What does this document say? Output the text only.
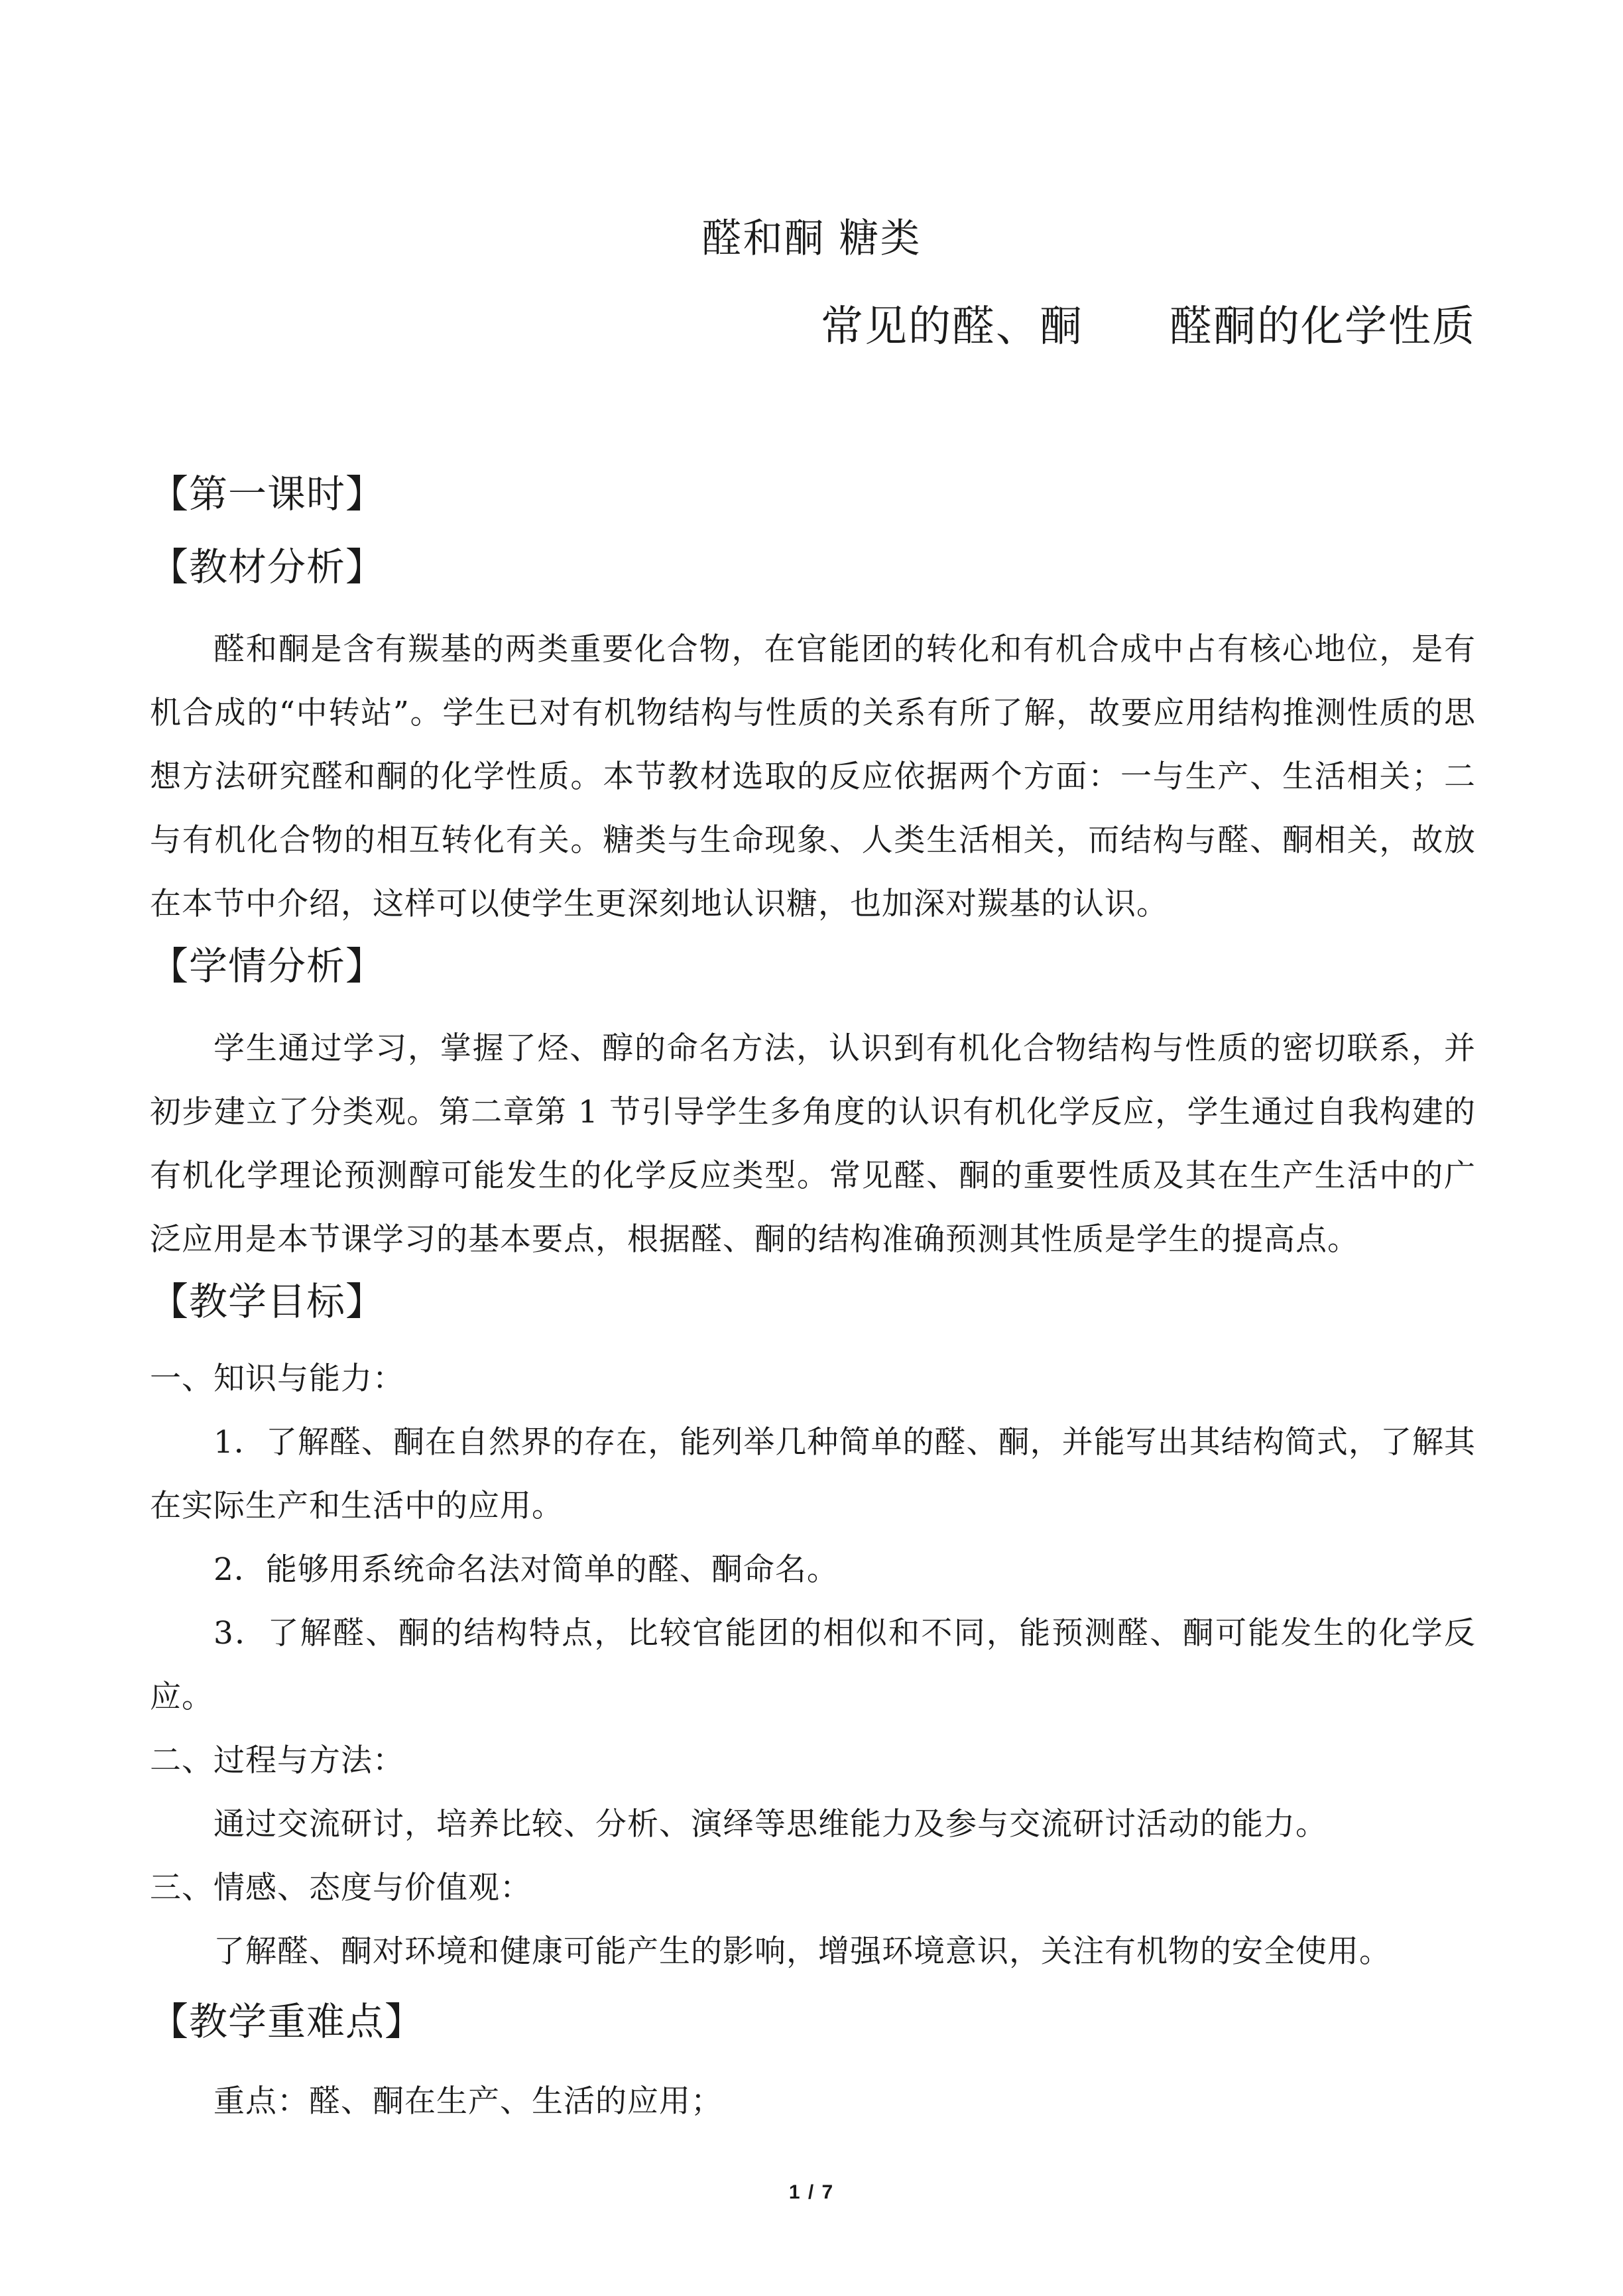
醛和酮 糖类
常见的醛、酮 醛酮的化学性质
【第一课时】
【教材分析】
醛和酮是含有羰基的两类重要化合物，在官能团的转化和有机合成中占有核心地位，是有机合成的“中转站”。学生已对有机物结构与性质的关系有所了解，故要应用结构推测性质的思想方法研究醛和酮的化学性质。本节教材选取的反应依据两个方面：一与生产、生活相关；二与有机化合物的相互转化有关。糖类与生命现象、人类生活相关，而结构与醛、酮相关，故放在本节中介绍，这样可以使学生更深刻地认识糖，也加深对羰基的认识。
【学情分析】
学生通过学习，掌握了烃、醇的命名方法，认识到有机化合物结构与性质的密切联系，并初步建立了分类观。第二章第 1 节引导学生多角度的认识有机化学反应，学生通过自我构建的有机化学理论预测醇可能发生的化学反应类型。常见醛、酮的重要性质及其在生产生活中的广泛应用是本节课学习的基本要点，根据醛、酮的结构准确预测其性质是学生的提高点。
【教学目标】
一、知识与能力：
1．了解醛、酮在自然界的存在，能列举几种简单的醛、酮，并能写出其结构简式，了解其在实际生产和生活中的应用。
2．能够用系统命名法对简单的醛、酮命名。
3．了解醛、酮的结构特点，比较官能团的相似和不同，能预测醛、酮可能发生的化学反应。
二、过程与方法：
通过交流研讨，培养比较、分析、演绎等思维能力及参与交流研讨活动的能力。
三、情感、态度与价值观：
了解醛、酮对环境和健康可能产生的影响，增强环境意识，关注有机物的安全使用。
【教学重难点】
重点：醛、酮在生产、生活的应用；
1 / 7
